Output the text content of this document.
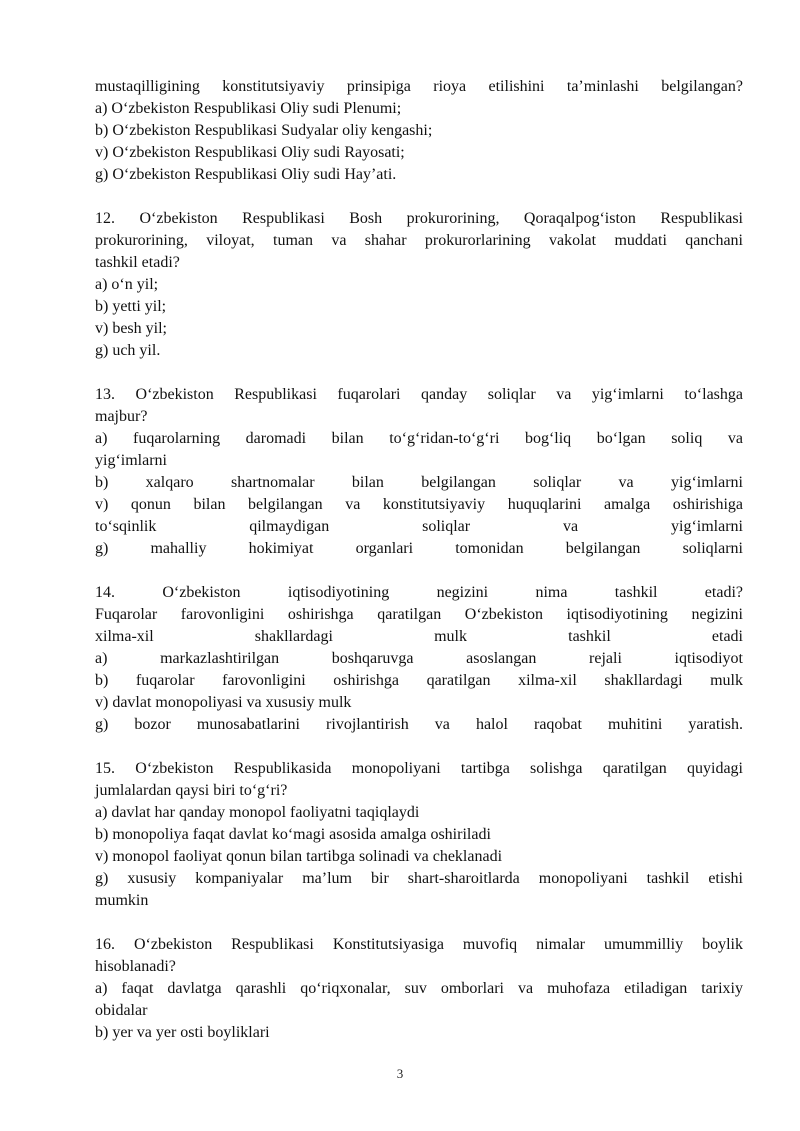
mustaqilligining konstitutsiyaviy prinsipiga rioya etilishini ta’minlashi belgilangan?

a) O‘zbekiston Respublikasi Oliy sudi Plenumi;

b) O‘zbekiston Respublikasi Sudyalar oliy kengashi;

v) O‘zbekiston Respublikasi Oliy sudi Rayosati;

g) O‘zbekiston Respublikasi Oliy sudi Hay’ati.

12. O‘zbekiston Respublikasi Bosh prokurorining, Qoraqalpog‘iston Respublikasi

prokurorining, viloyat, tuman va shahar prokurorlarining vakolat muddati qanchani

tashkil etadi?

a) o‘n yil;

b) yetti yil;

v) besh yil;

g) uch yil.

13. O‘zbekiston Respublikasi fuqarolari qanday soliqlar va yig‘imlarni to‘lashga

majbur?

a) fuqarolarning daromadi bilan to‘g‘ridan-to‘g‘ri bog‘liq bo‘lgan soliq va

yig‘imlarni

b) xalqaro shartnomalar bilan belgilangan soliqlar va yig‘imlarni

v) qonun bilan belgilangan va konstitutsiyaviy huquqlarini amalga oshirishiga

to‘sqinlik qilmaydigan soliqlar va yig‘imlarni

g) mahalliy hokimiyat organlari tomonidan belgilangan soliqlarni

14. O‘zbekiston iqtisodiyotining negizini nima tashkil etadi?

Fuqarolar farovonligini oshirishga qaratilgan O‘zbekiston iqtisodiyotining negizini

xilma-xil shakllardagi mulk tashkil etadi

a) markazlashtirilgan boshqaruvga asoslangan rejali iqtisodiyot

b) fuqarolar farovonligini oshirishga qaratilgan xilma-xil shakllardagi mulk

v) davlat monopoliyasi va xususiy mulk

g) bozor munosabatlarini rivojlantirish va halol raqobat muhitini yaratish.

15. O‘zbekiston Respublikasida monopoliyani tartibga solishga qaratilgan quyidagi

jumlalardan qaysi biri to‘g‘ri?

a) davlat har qanday monopol faoliyatni taqiqlaydi

b) monopoliya faqat davlat ko‘magi asosida amalga oshiriladi

v) monopol faoliyat qonun bilan tartibga solinadi va cheklanadi

g) xususiy kompaniyalar ma’lum bir shart-sharoitlarda monopoliyani tashkil etishi

mumkin

16. O‘zbekiston Respublikasi Konstitutsiyasiga muvofiq nimalar umummilliy boylik

hisoblanadi?

a) faqat davlatga qarashli qo‘riqxonalar, suv omborlari va muhofaza etiladigan tarixiy

obidalar

b) yer va yer osti boyliklari

3
